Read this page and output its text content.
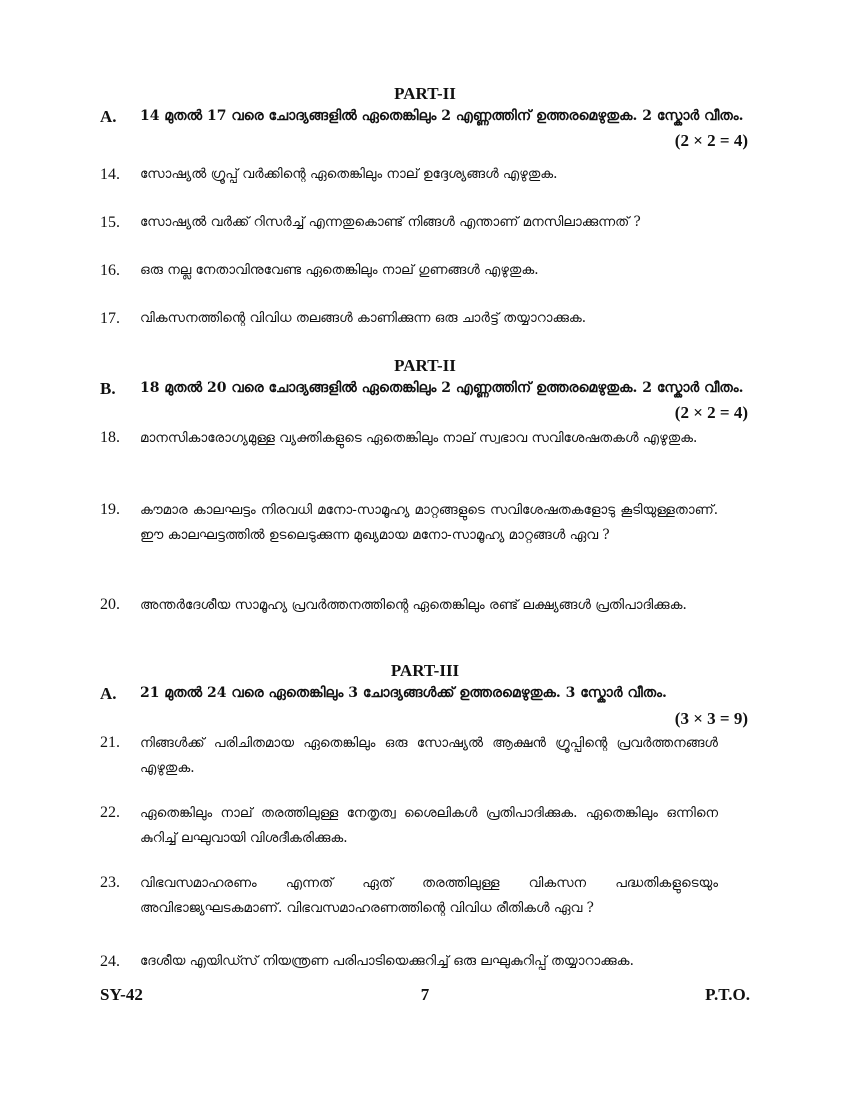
PART-II
A. 14 മുതൽ 17 വരെ ചോദ്യങ്ങളിൽ ഏതെങ്കിലും 2 എണ്ണത്തിന് ഉത്തരമെഴുതുക. 2 സ്കോർ വീതം.
(2 × 2 = 4)
14. സോഷ്യൽ ഗ്രൂപ്പ് വർക്കിന്റെ ഏതെങ്കിലും നാല് ഉദ്ദേശ്യങ്ങൾ എഴുതുക.
15. സോഷ്യൽ വർക്ക് റിസർച്ച് എന്നതുകൊണ്ട് നിങ്ങൾ എന്താണ് മനസിലാക്കുന്നത് ?
16. ഒരു നല്ല നേതാവിനുവേണ്ട ഏതെങ്കിലും നാല് ഗുണങ്ങൾ എഴുതുക.
17. വികസനത്തിന്റെ വിവിധ തലങ്ങൾ കാണിക്കുന്ന ഒരു ചാർട്ട് തയ്യാറാക്കുക.
PART-II
B. 18 മുതൽ 20 വരെ ചോദ്യങ്ങളിൽ ഏതെങ്കിലും 2 എണ്ണത്തിന് ഉത്തരമെഴുതുക. 2 സ്കോർ വീതം.
(2 × 2 = 4)
18. മാനസികാരോഗ്യമുള്ള വ്യക്തികളുടെ ഏതെങ്കിലും നാല് സ്വഭാവ സവിശേഷതകൾ എഴുതുക.
19. കൗമാര കാലഘട്ടം നിരവധി മനോ-സാമൂഹ്യ മാറ്റങ്ങളുടെ സവിശേഷതകളോടു കൂടിയുള്ളതാണ്. ഈ കാലഘട്ടത്തിൽ ഉടലെടുക്കുന്ന മുഖ്യമായ മനോ-സാമൂഹ്യ മാറ്റങ്ങൾ ഏവ ?
20. അന്തർദേശീയ സാമൂഹ്യ പ്രവർത്തനത്തിന്റെ ഏതെങ്കിലും രണ്ട് ലക്ഷ്യങ്ങൾ പ്രതിപാദിക്കുക.
PART-III
A. 21 മുതൽ 24 വരെ ഏതെങ്കിലും 3 ചോദ്യങ്ങൾക്ക് ഉത്തരമെഴുതുക. 3 സ്കോർ വീതം.
(3 × 3 = 9)
21. നിങ്ങൾക്ക് പരിചിതമായ ഏതെങ്കിലും ഒരു സോഷ്യൽ ആക്ഷൻ ഗ്രൂപ്പിന്റെ പ്രവർത്തനങ്ങൾ എഴുതുക.
22. ഏതെങ്കിലും നാല് തരത്തിലുള്ള നേതൃത്വ ശൈലികൾ പ്രതിപാദിക്കുക. ഏതെങ്കിലും ഒന്നിനെ കുറിച്ച് ലഘുവായി വിശദീകരിക്കുക.
23. വിഭവസമാഹരണം എന്നത് ഏത് തരത്തിലുള്ള വികസന പദ്ധതികളുടെയും അവിഭാജ്യഘടകമാണ്. വിഭവസമാഹരണത്തിന്റെ വിവിധ രീതികൾ ഏവ ?
24. ദേശീയ എയിഡ്സ് നിയന്ത്രണ പരിപാടിയെക്കുറിച്ച് ഒരു ലഘുകുറിപ്പ് തയ്യാറാക്കുക.
SY-42	7	P.T.O.
